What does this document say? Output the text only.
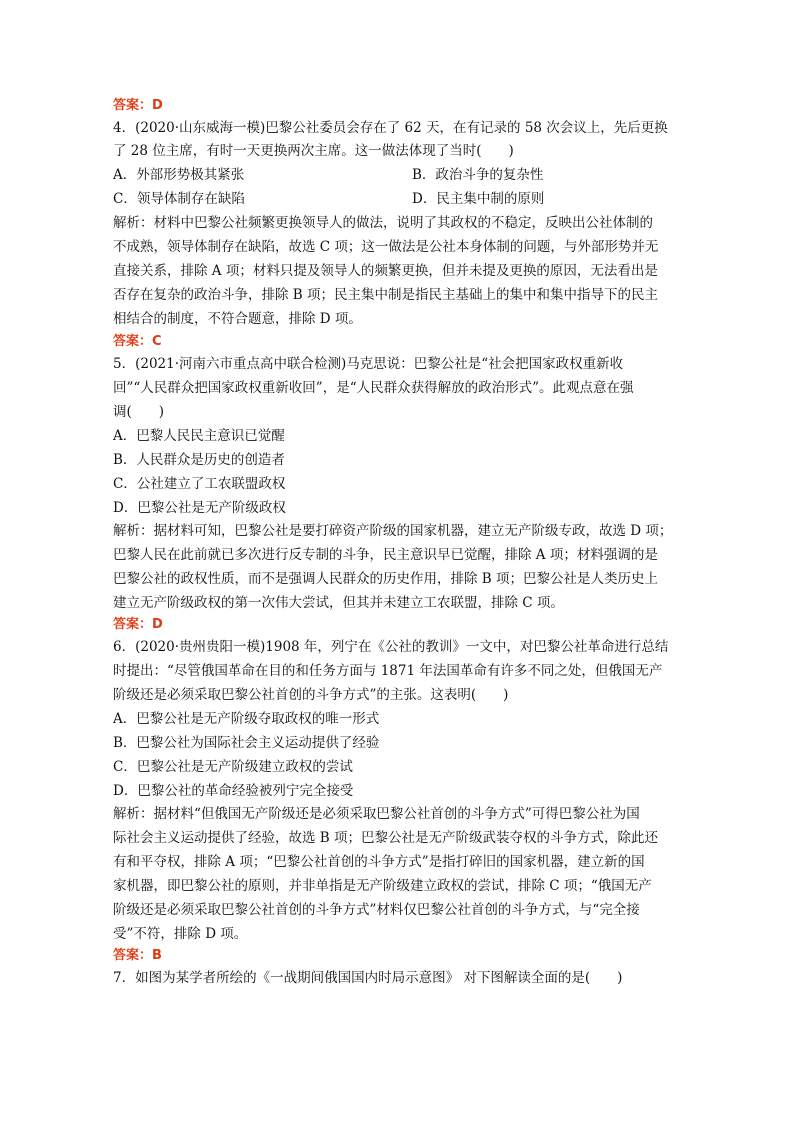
答案：D
4．(2020·山东威海一模)巴黎公社委员会存在了 62 天，在有记录的 58 次会议上，先后更换
了 28 位主席，有时一天更换两次主席。这一做法体现了当时(　　)
A．外部形势极其紧张	B．政治斗争的复杂性
C．领导体制存在缺陷	D．民主集中制的原则
解析：材料中巴黎公社频繁更换领导人的做法，说明了其政权的不稳定，反映出公社体制的
不成熟，领导体制存在缺陷，故选 C 项；这一做法是公社本身体制的问题，与外部形势并无
直接关系，排除 A 项；材料只提及领导人的频繁更换，但并未提及更换的原因，无法看出是
否存在复杂的政治斗争，排除 B 项；民主集中制是指民主基础上的集中和集中指导下的民主
相结合的制度，不符合题意，排除 D 项。
答案：C
5．(2021·河南六市重点高中联合检测)马克思说：巴黎公社是“社会把国家政权重新收
回”“人民群众把国家政权重新收回”，是“人民群众获得解放的政治形式”。此观点意在强
调(　　)
A．巴黎人民民主意识已觉醒
B．人民群众是历史的创造者
C．公社建立了工农联盟政权
D．巴黎公社是无产阶级政权
解析：据材料可知，巴黎公社是要打碎资产阶级的国家机器，建立无产阶级专政，故选 D 项；
巴黎人民在此前就已多次进行反专制的斗争，民主意识早已觉醒，排除 A 项；材料强调的是
巴黎公社的政权性质，而不是强调人民群众的历史作用，排除 B 项；巴黎公社是人类历史上
建立无产阶级政权的第一次伟大尝试，但其并未建立工农联盟，排除 C 项。
答案：D
6．(2020·贵州贵阳一模)1908 年，列宁在《公社的教训》一文中，对巴黎公社革命进行总结
时提出：“尽管俄国革命在目的和任务方面与 1871 年法国革命有许多不同之处，但俄国无产
阶级还是必须采取巴黎公社首创的斗争方式”的主张。这表明(　　)
A．巴黎公社是无产阶级夺取政权的唯一形式
B．巴黎公社为国际社会主义运动提供了经验
C．巴黎公社是无产阶级建立政权的尝试
D．巴黎公社的革命经验被列宁完全接受
解析：据材料“但俄国无产阶级还是必须采取巴黎公社首创的斗争方式”可得巴黎公社为国
际社会主义运动提供了经验，故选 B 项；巴黎公社是无产阶级武装夺权的斗争方式，除此还
有和平夺权，排除 A 项；“巴黎公社首创的斗争方式”是指打碎旧的国家机器，建立新的国
家机器，即巴黎公社的原则，并非单指是无产阶级建立政权的尝试，排除 C 项；“俄国无产
阶级还是必须采取巴黎公社首创的斗争方式”材料仅巴黎公社首创的斗争方式，与“完全接
受”不符，排除 D 项。
答案：B
7．如图为某学者所绘的《一战期间俄国国内时局示意图》 对下图解读全面的是(　　)
